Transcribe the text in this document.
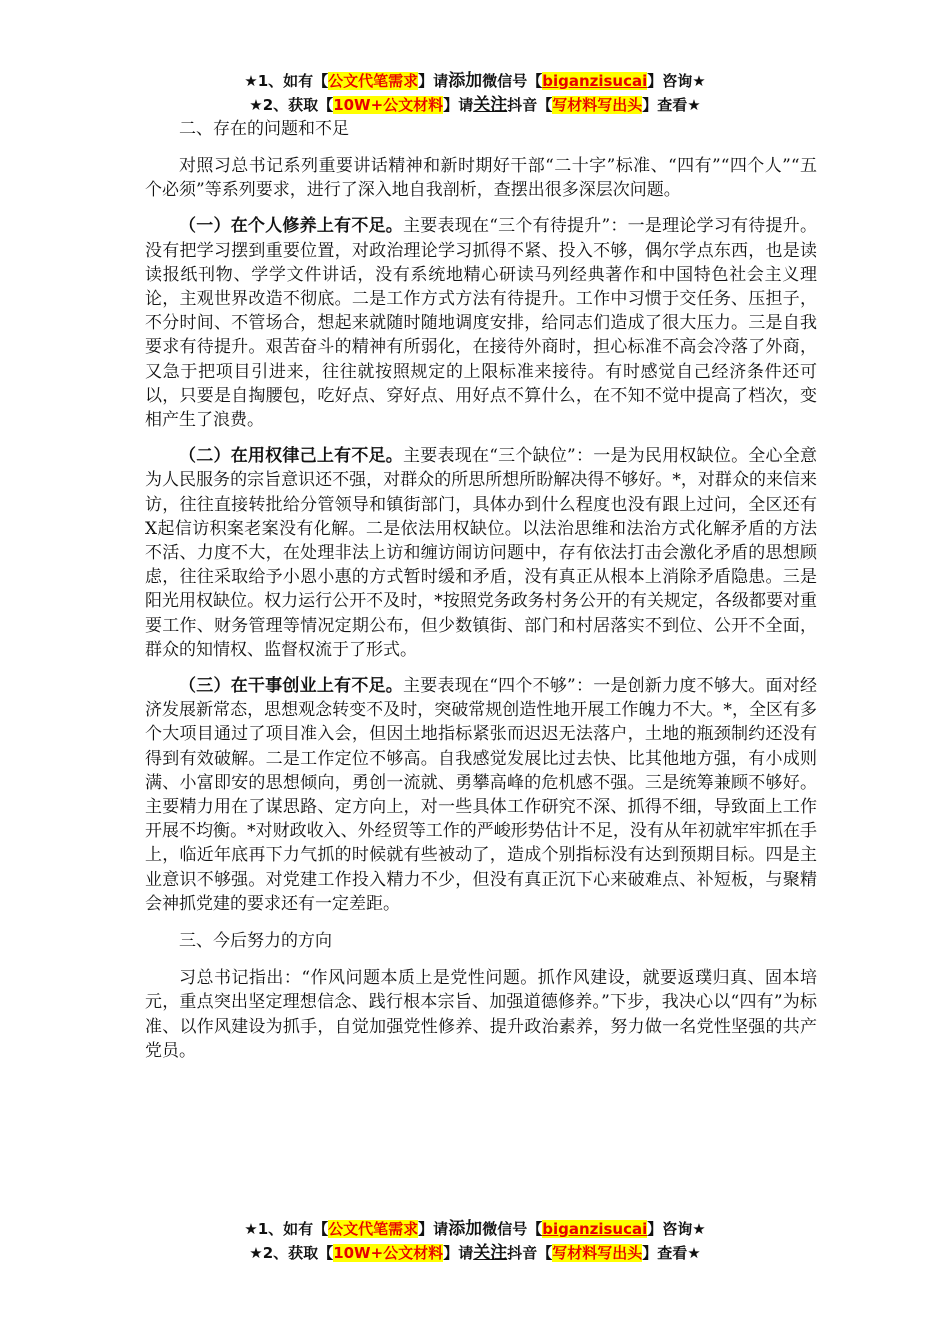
★1、如有【公文代笔需求】请添加微信号【biganzisucai】咨询★
★2、获取【10W+公文材料】请关注抖音【写材料写出头】查看★

二、存在的问题和不足

对照习总书记系列重要讲话精神和新时期好干部“二十字”标准、“四有”“四个人”“五个必须”等系列要求，进行了深入地自我剖析，查摆出很多深层次问题。

（一）在个人修养上有不足。主要表现在“三个有待提升”：一是理论学习有待提升。没有把学习摆到重要位置，对政治理论学习抓得不紧、投入不够，偶尔学点东西，也是读读报纸刊物、学学文件讲话，没有系统地精心研读马列经典著作和中国特色社会主义理论，主观世界改造不彻底。二是工作方式方法有待提升。工作中习惯于交任务、压担子，不分时间、不管场合，想起来就随时随地调度安排，给同志们造成了很大压力。三是自我要求有待提升。艰苦奋斗的精神有所弱化，在接待外商时，担心标准不高会冷落了外商，又急于把项目引进来，往往就按照规定的上限标准来接待。有时感觉自己经济条件还可以，只要是自掏腰包，吃好点、穿好点、用好点不算什么，在不知不觉中提高了档次，变相产生了浪费。

（二）在用权律己上有不足。主要表现在“三个缺位”：一是为民用权缺位。全心全意为人民服务的宗旨意识还不强，对群众的所思所想所盼解决得不够好。*，对群众的来信来访，往往直接转批给分管领导和镇街部门，具体办到什么程度也没有跟上过问，全区还有X起信访积案老案没有化解。二是依法用权缺位。以法治思维和法治方式化解矛盾的方法不活、力度不大，在处理非法上访和缠访闹访问题中，存有依法打击会激化矛盾的思想顾虑，往往采取给予小恩小惠的方式暂时缓和矛盾，没有真正从根本上消除矛盾隐患。三是阳光用权缺位。权力运行公开不及时，*按照党务政务村务公开的有关规定，各级都要对重要工作、财务管理等情况定期公布，但少数镇街、部门和村居落实不到位、公开不全面，群众的知情权、监督权流于了形式。

（三）在干事创业上有不足。主要表现在“四个不够”：一是创新力度不够大。面对经济发展新常态，思想观念转变不及时，突破常规创造性地开展工作魄力不大。*，全区有多个大项目通过了项目准入会，但因土地指标紧张而迟迟无法落户，土地的瓶颈制约还没有得到有效破解。二是工作定位不够高。自我感觉发展比过去快、比其他地方强，有小成则满、小富即安的思想倾向，勇创一流就、勇攀高峰的危机感不强。三是统筹兼顾不够好。主要精力用在了谋思路、定方向上，对一些具体工作研究不深、抓得不细，导致面上工作开展不均衡。*对财政收入、外经贸等工作的严峻形势估计不足，没有从年初就牢牢抓在手上，临近年底再下力气抓的时候就有些被动了，造成个别指标没有达到预期目标。四是主业意识不够强。对党建工作投入精力不少，但没有真正沉下心来破难点、补短板，与聚精会神抓党建的要求还有一定差距。

三、今后努力的方向

习总书记指出：“作风问题本质上是党性问题。抓作风建设，就要返璞归真、固本培元，重点突出坚定理想信念、践行根本宗旨、加强道德修养。”下步，我决心以“四有”为标准、以作风建设为抓手，自觉加强党性修养、提升政治素养，努力做一名党性坚强的共产党员。

★1、如有【公文代笔需求】请添加微信号【biganzisucai】咨询★
★2、获取【10W+公文材料】请关注抖音【写材料写出头】查看★
